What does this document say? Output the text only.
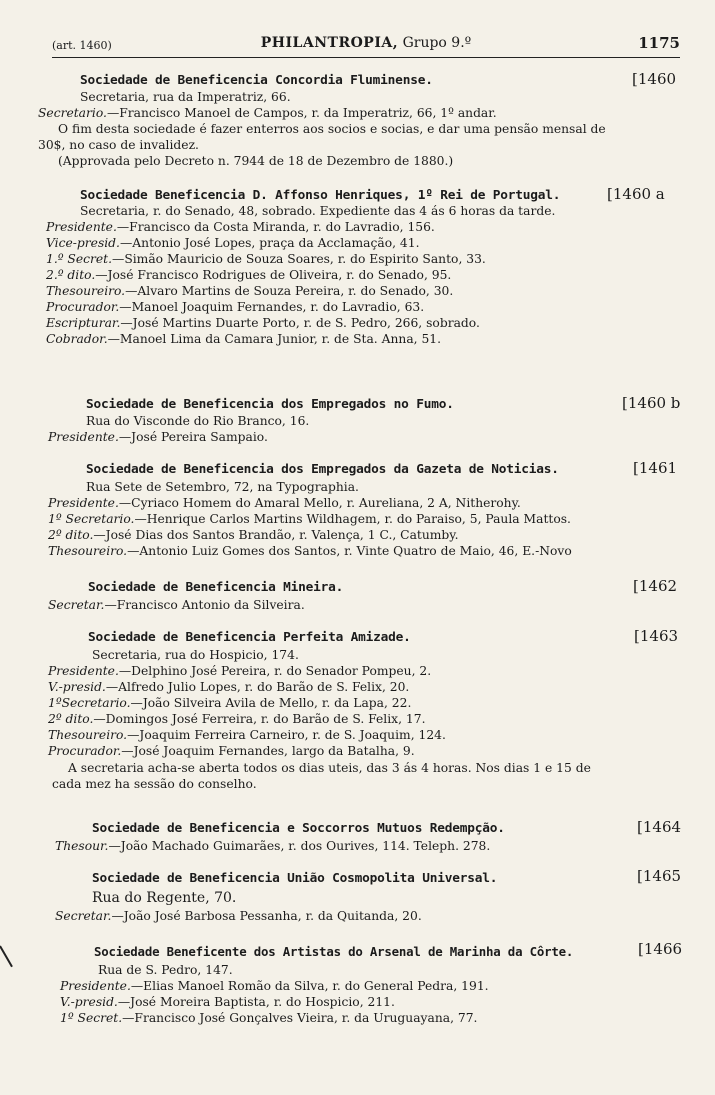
(art. 1460)	PHILANTROPIA, Grupo 9.º	1175
Sociedade de Beneficencia Concordia Fluminense.	[1460
Secretaria, rua da Imperatriz, 66.
Secretario.—Francisco Manoel de Campos, r. da Imperatriz, 66, 1º andar.
O fim desta sociedade é fazer enterros aos socios e socias, e dar uma pensão mensal de
30$, no caso de invalidez.
(Approvada pelo Decreto n. 7944 de 18 de Dezembro de 1880.)
Sociedade Beneficencia D. Affonso Henriques, 1º Rei de Portugal.	[1460 a
Secretaria, r. do Senado, 48, sobrado. Expediente das 4 ás 6 horas da tarde.
Presidente.—Francisco da Costa Miranda, r. do Lavradio, 156.
Vice-presid.—Antonio José Lopes, praça da Acclamação, 41.
1.º Secret.—Simão Mauricio de Souza Soares, r. do Espirito Santo, 33.
2.º dito.—José Francisco Rodrigues de Oliveira, r. do Senado, 95.
Thesoureiro.—Alvaro Martins de Souza Pereira, r. do Senado, 30.
Procurador.—Manoel Joaquim Fernandes, r. do Lavradio, 63.
Escripturar.—José Martins Duarte Porto, r. de S. Pedro, 266, sobrado.
Cobrador.—Manoel Lima da Camara Junior, r. de Sta. Anna, 51.
Sociedade de Beneficencia dos Empregados no Fumo.	[1460 b
Rua do Visconde do Rio Branco, 16.
Presidente.—José Pereira Sampaio.
Sociedade de Beneficencia dos Empregados da Gazeta de Noticias.	[1461
Rua Sete de Setembro, 72, na Typographia.
Presidente.—Cyriaco Homem do Amaral Mello, r. Aureliana, 2 A, Nitherohy.
1º Secretario.—Henrique Carlos Martins Wildhagem, r. do Paraiso, 5, Paula Mattos.
2º dito.—José Dias dos Santos Brandão, r. Valença, 1 C., Catumby.
Thesoureiro.—Antonio Luiz Gomes dos Santos, r. Vinte Quatro de Maio, 46, E.-Novo
Sociedade de Beneficencia Mineira.	[1462
Secretar.—Francisco Antonio da Silveira.
Sociedade de Beneficencia Perfeita Amizade.	[1463
Secretaria, rua do Hospicio, 174.
Presidente.—Delphino José Pereira, r. do Senador Pompeu, 2.
V.-presid.—Alfredo Julio Lopes, r. do Barão de S. Felix, 20.
1ºSecretario.—João Silveira Avila de Mello, r. da Lapa, 22.
2º dito.—Domingos José Ferreira, r. do Barão de S. Felix, 17.
Thesoureiro.—Joaquim Ferreira Carneiro, r. de S. Joaquim, 124.
Procurador.—José Joaquim Fernandes, largo da Batalha, 9.
A secretaria acha-se aberta todos os dias uteis, das 3 ás 4 horas. Nos dias 1 e 15 de
cada mez ha sessão do conselho.
Sociedade de Beneficencia e Soccorros Mutuos Redempção.	[1464
Thesour.—João Machado Guimarães, r. dos Ourives, 114. Teleph. 278.
Sociedade de Beneficencia União Cosmopolita Universal.	[1465
Rua do Regente, 70.
Secretar.—João José Barbosa Pessanha, r. da Quitanda, 20.
Sociedade Beneficente dos Artistas do Arsenal de Marinha da Côrte.	[1466
Rua de S. Pedro, 147.
Presidente.—Elias Manoel Romão da Silva, r. do General Pedra, 191.
V.-presid.—José Moreira Baptista, r. do Hospicio, 211.
1º Secret.—Francisco José Gonçalves Vieira, r. da Uruguayana, 77.
